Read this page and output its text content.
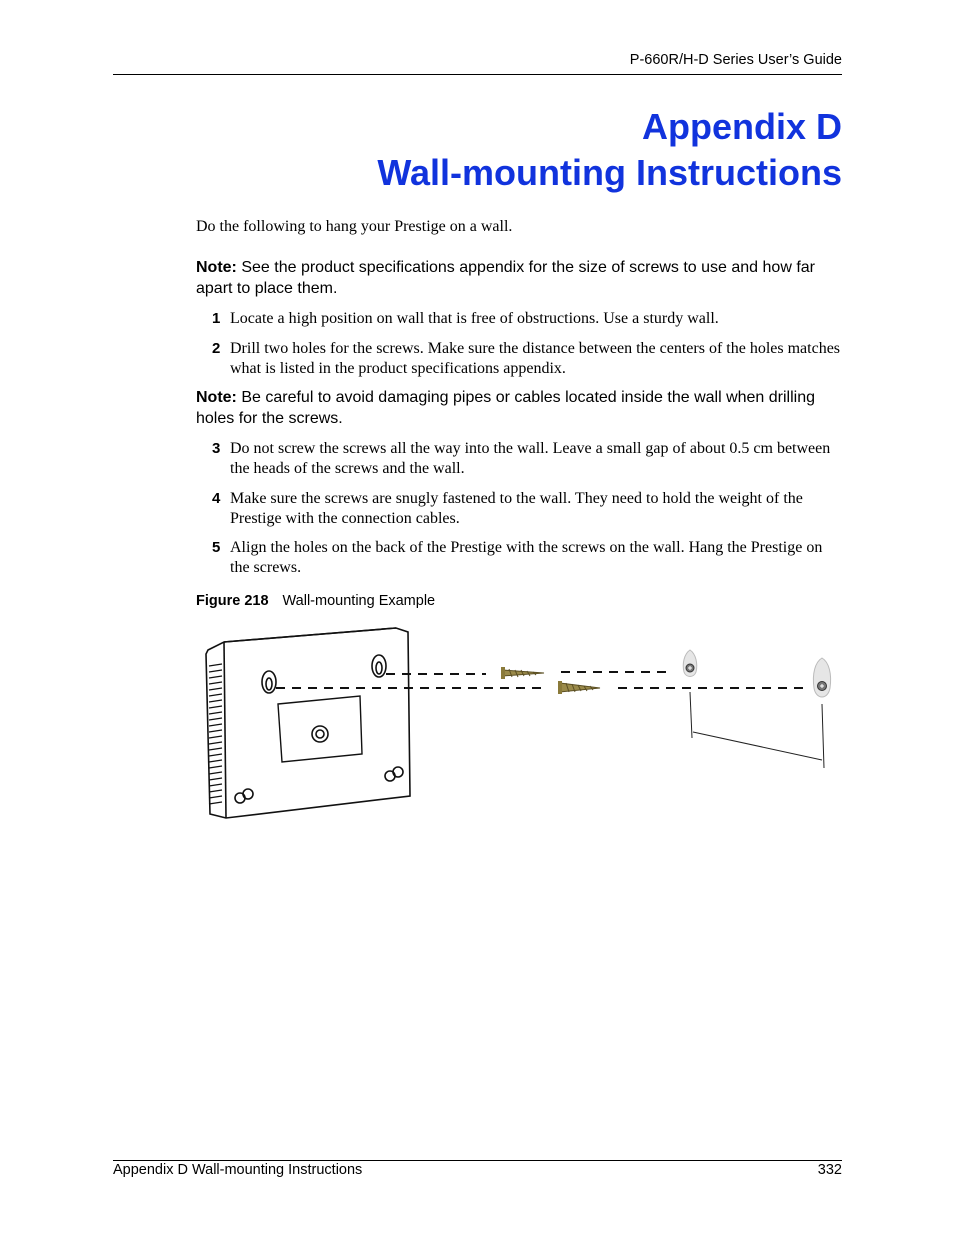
P-660R/H-D Series User’s Guide
Appendix D
Wall-mounting Instructions
Do the following to hang your Prestige on a wall.
Note: See the product specifications appendix for the size of screws to use and how far apart to place them.
1 Locate a high position on wall that is free of obstructions. Use a sturdy wall.
2 Drill two holes for the screws. Make sure the distance between the centers of the holes matches what is listed in the product specifications appendix.
Note: Be careful to avoid damaging pipes or cables located inside the wall when drilling holes for the screws.
3 Do not screw the screws all the way into the wall. Leave a small gap of about 0.5 cm between the heads of the screws and the wall.
4 Make sure the screws are snugly fastened to the wall. They need to hold the weight of the Prestige with the connection cables.
5 Align the holes on the back of the Prestige with the screws on the wall. Hang the Prestige on the screws.
Figure 218 Wall-mounting Example
Appendix D Wall-mounting Instructions	332
